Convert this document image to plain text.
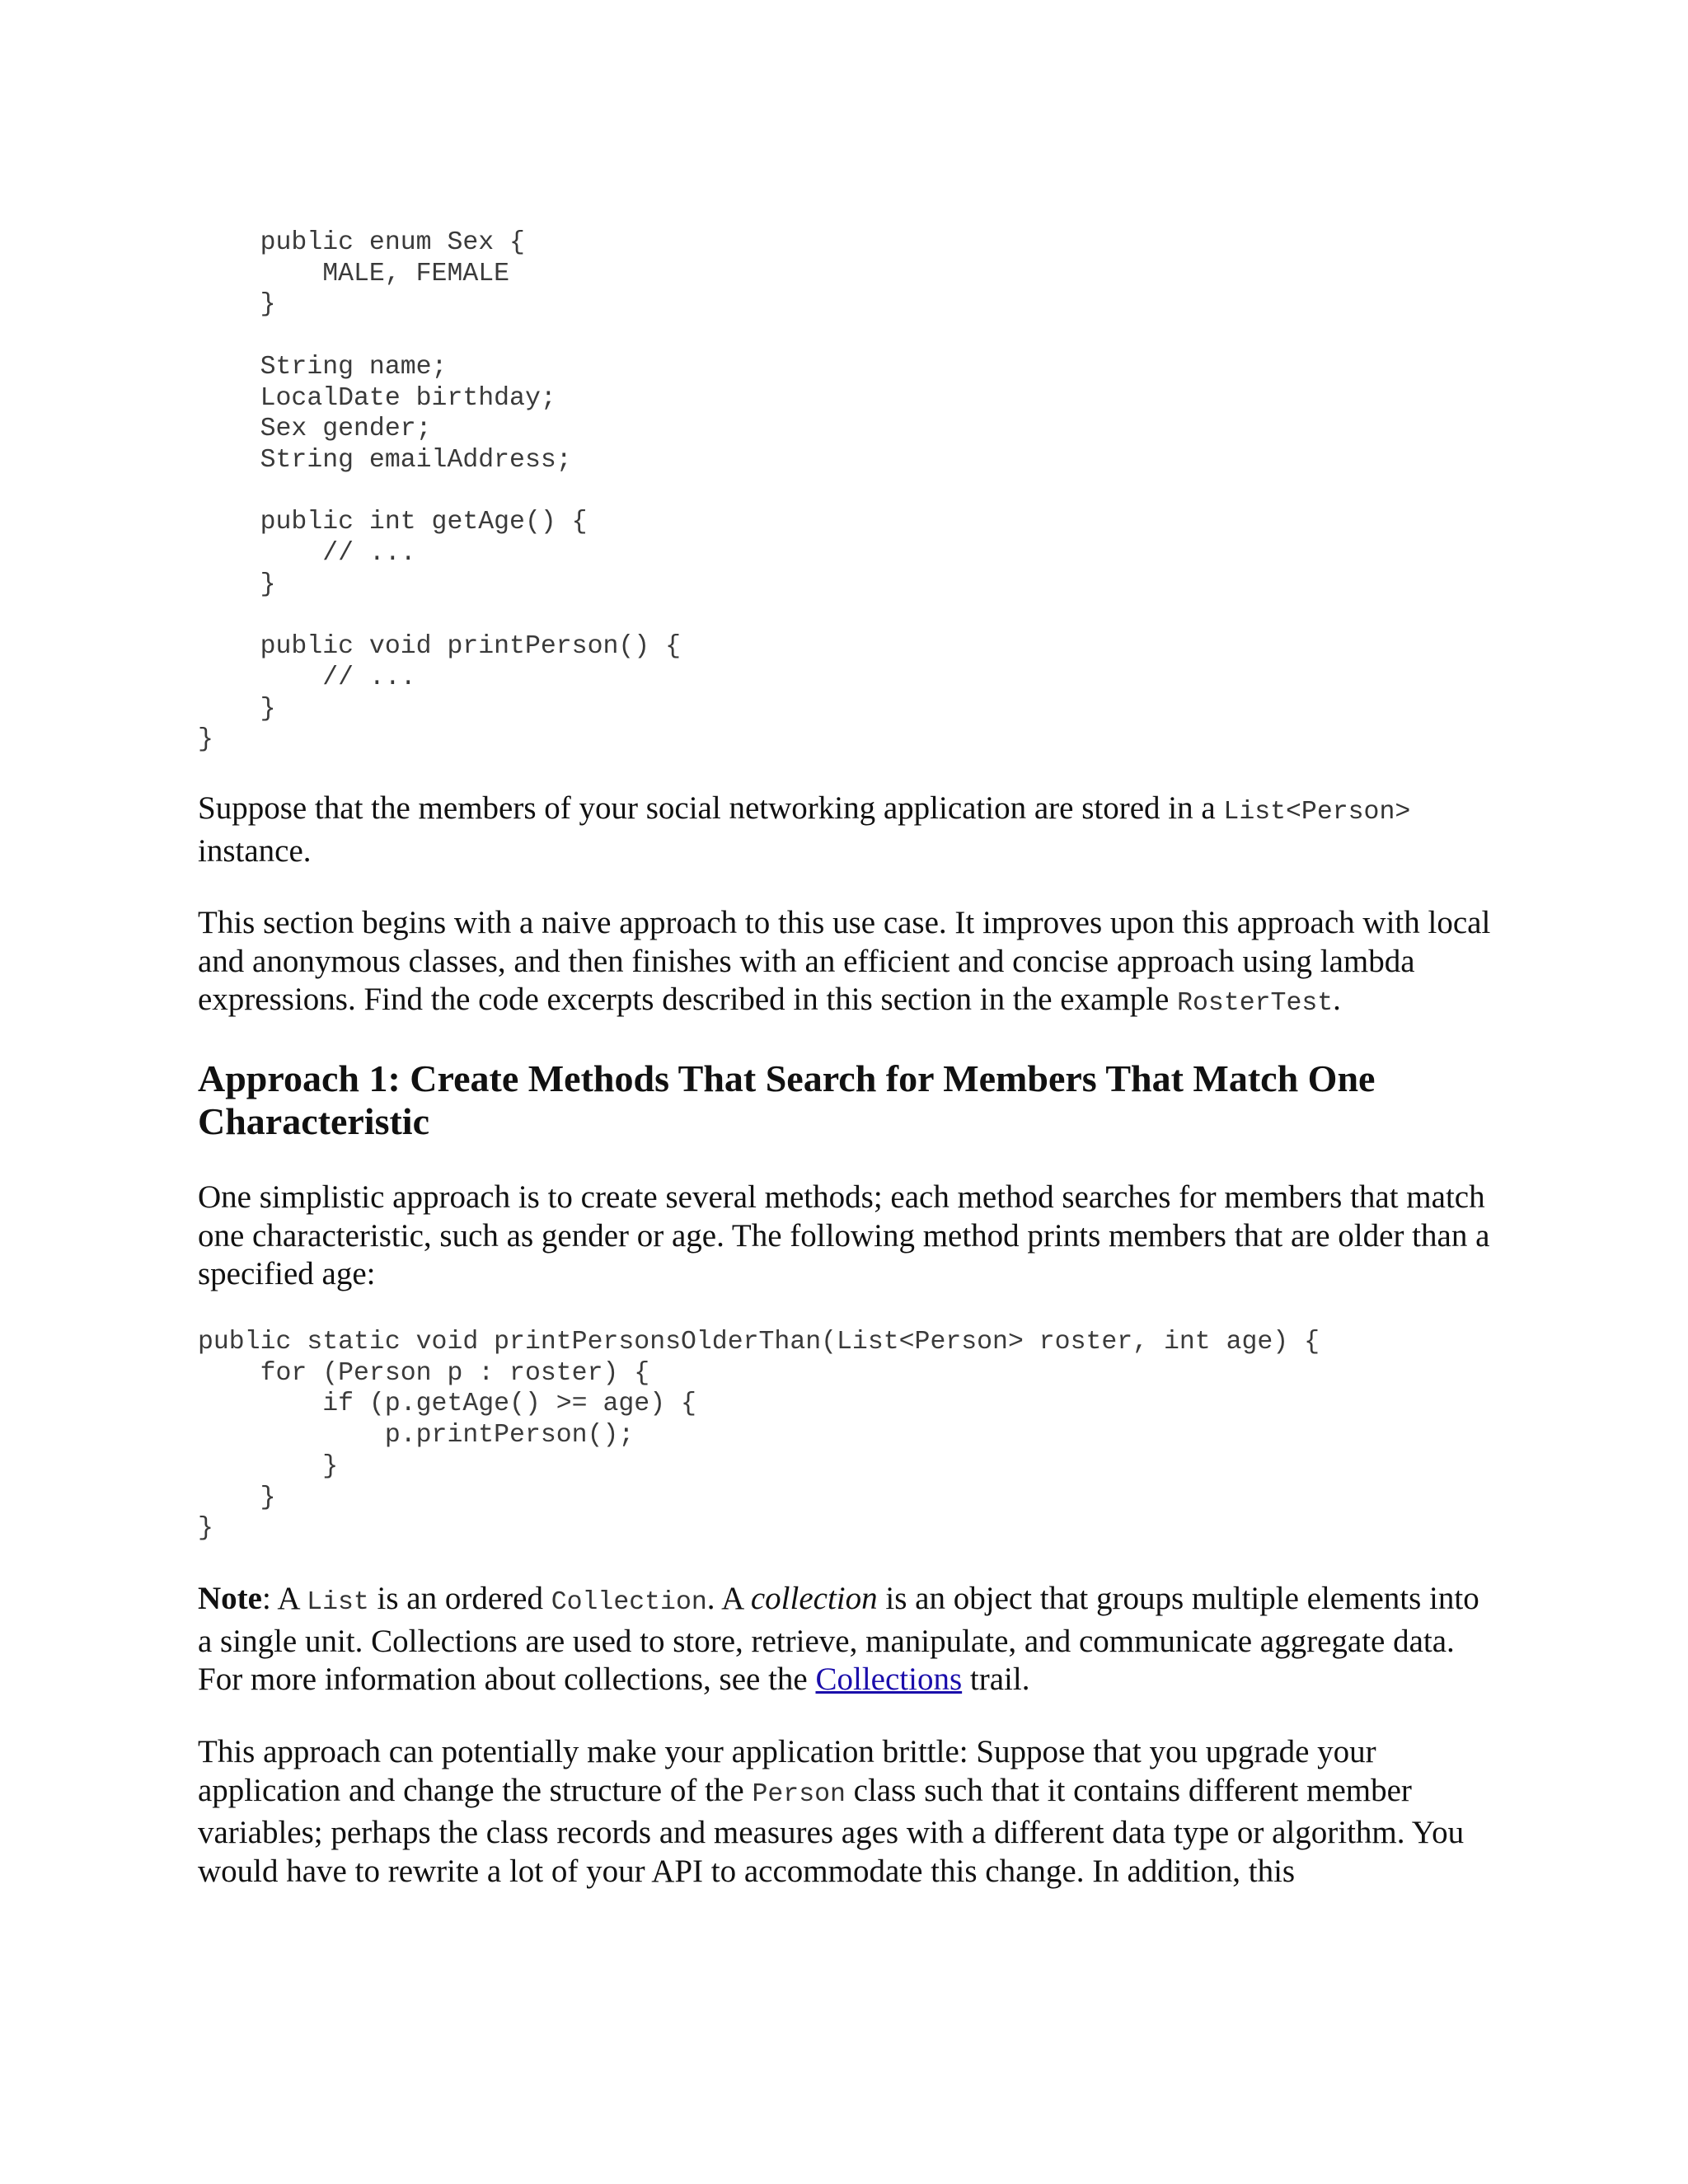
public enum Sex {
MALE, FEMALE
}

String name;
LocalDate birthday;
Sex gender;
String emailAddress;

public int getAge() {
// ...
}

public void printPerson() {
// ...
}
}

Suppose that the members of your social networking application are stored in a List<Person> instance.

This section begins with a naive approach to this use case. It improves upon this approach with local and anonymous classes, and then finishes with an efficient and concise approach using lambda expressions. Find the code excerpts described in this section in the example RosterTest.

Approach 1: Create Methods That Search for Members That Match One Characteristic

One simplistic approach is to create several methods; each method searches for members that match one characteristic, such as gender or age. The following method prints members that are older than a specified age:

public static void printPersonsOlderThan(List<Person> roster, int age) {
for (Person p : roster) {
if (p.getAge() >= age) {
p.printPerson();
}
}
}

Note: A List is an ordered Collection. A collection is an object that groups multiple elements into a single unit. Collections are used to store, retrieve, manipulate, and communicate aggregate data. For more information about collections, see the Collections trail.

This approach can potentially make your application brittle: Suppose that you upgrade your application and change the structure of the Person class such that it contains different member variables; perhaps the class records and measures ages with a different data type or algorithm. You would have to rewrite a lot of your API to accommodate this change. In addition, this
